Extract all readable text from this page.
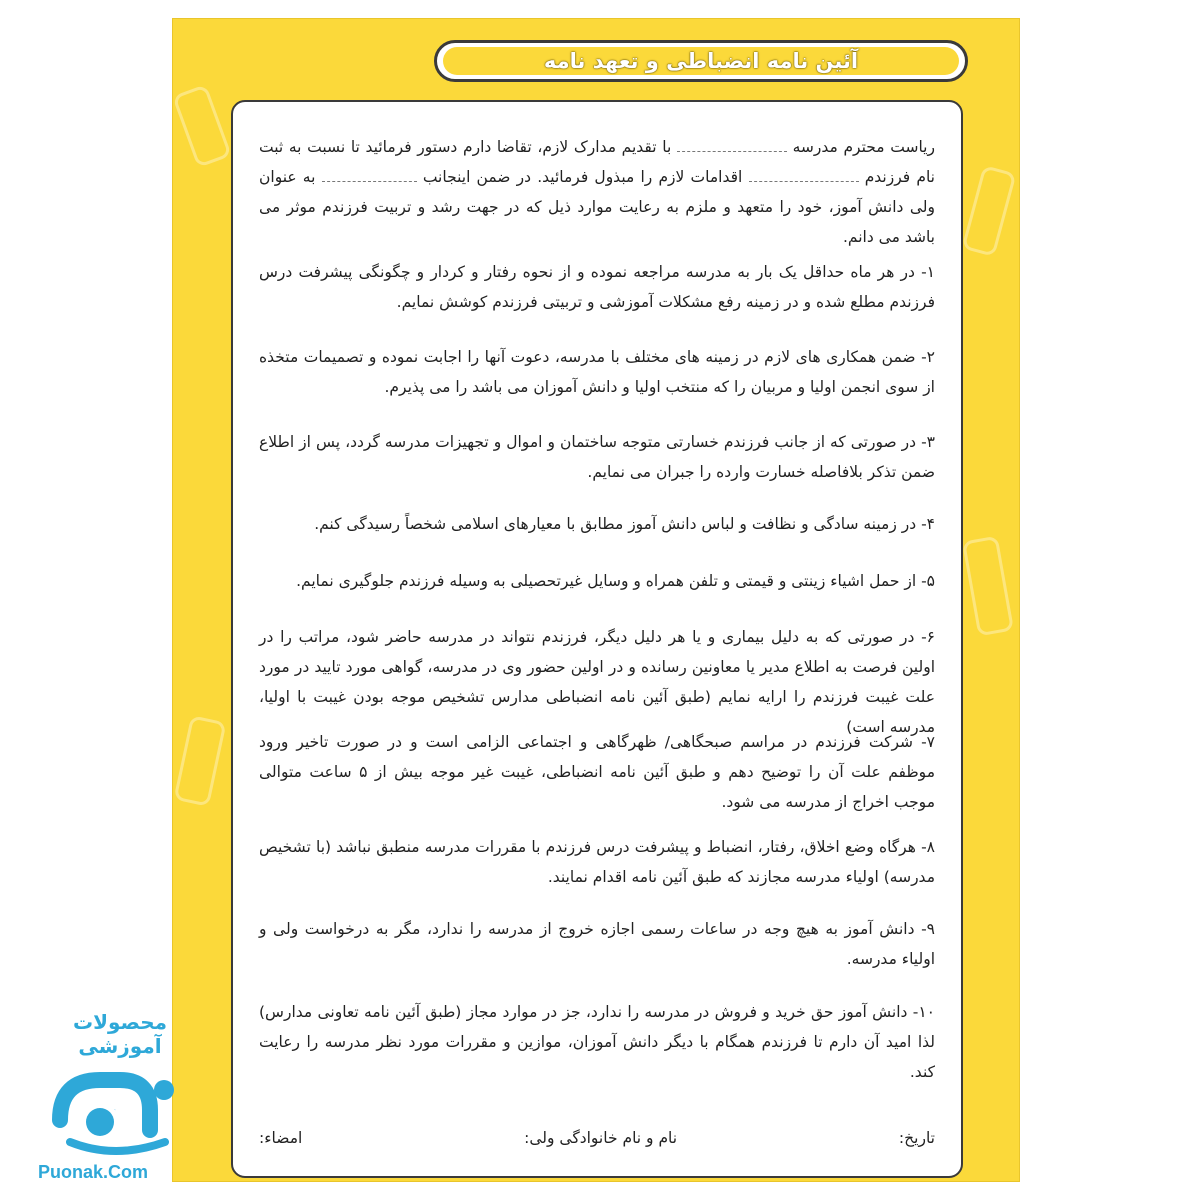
آئین نامه انضباطی و تعهد نامه
ریاست محترم مدرسه  با تقدیم مدارک لازم، تقاضا دارم دستور فرمائید تا نسبت به ثبت نام فرزندم  اقدامات لازم را مبذول فرمائید. در ضمن اینجانب  به عنوان ولی دانش آموز، خود را متعهد و ملزم به رعایت موارد ذیل که در جهت رشد و تربیت فرزندم موثر می باشد می دانم.

۱- در هر ماه حداقل یک بار به مدرسه مراجعه نموده و از نحوه رفتار و کردار و چگونگی پیشرفت درس فرزندم مطلع شده و در زمینه رفع مشکلات آموزشی و تربیتی فرزندم کوشش نمایم.

۲- ضمن همکاری های لازم در زمینه های مختلف با مدرسه، دعوت آنها را اجابت نموده و تصمیمات متخذه از سوی انجمن اولیا و مربیان را که منتخب اولیا و دانش آموزان می باشد را می پذیرم.

۳- در صورتی که از جانب فرزندم خسارتی متوجه ساختمان و اموال و تجهیزات مدرسه گردد، پس از اطلاع ضمن تذکر بلافاصله خسارت وارده را جبران می نمایم.

۴- در زمینه سادگی و نظافت و لباس دانش آموز مطابق با معیارهای اسلامی شخصاً رسیدگی کنم.

۵- از حمل اشیاء زینتی و قیمتی و تلفن همراه و وسایل غیرتحصیلی به وسیله فرزندم جلوگیری نمایم.

۶- در صورتی که به دلیل بیماری و یا هر دلیل دیگر، فرزندم نتواند در مدرسه حاضر شود، مراتب را در اولین فرصت به اطلاع مدیر یا معاونین رسانده و در اولین حضور وی در مدرسه، گواهی مورد تایید در مورد علت غیبت فرزندم را ارایه نمایم (طبق آئین نامه انضباطی مدارس تشخیص موجه بودن غیبت با اولیا، مدرسه است)

۷- شرکت فرزندم در مراسم صبحگاهی/ ظهرگاهی و اجتماعی الزامی است و در صورت تاخیر ورود موظفم علت آن را توضیح دهم و طبق آئین نامه انضباطی، غیبت غیر موجه بیش از ۵ ساعت متوالی موجب اخراج از مدرسه می شود.

۸- هرگاه وضع اخلاق، رفتار، انضباط و پیشرفت درس فرزندم با مقررات مدرسه منطبق نباشد (با تشخیص مدرسه) اولیاء مدرسه مجازند که طبق آئین نامه اقدام نمایند.

۹- دانش آموز به هیچ وجه در ساعات رسمی اجازه خروج از مدرسه را ندارد، مگر به درخواست ولی و اولیاء مدرسه.

۱۰- دانش آموز حق خرید و فروش در مدرسه را ندارد، جز در موارد مجاز (طبق آئین نامه تعاونی مدارس) لذا امید آن دارم تا فرزندم همگام با دیگر دانش آموزان، موازین و مقررات مورد نظر مدرسه را رعایت کند.

تاریخ:
نام و نام خانوادگی ولی:
امضاء:
محصولات آموزشی
پونک
Puonak.Com
